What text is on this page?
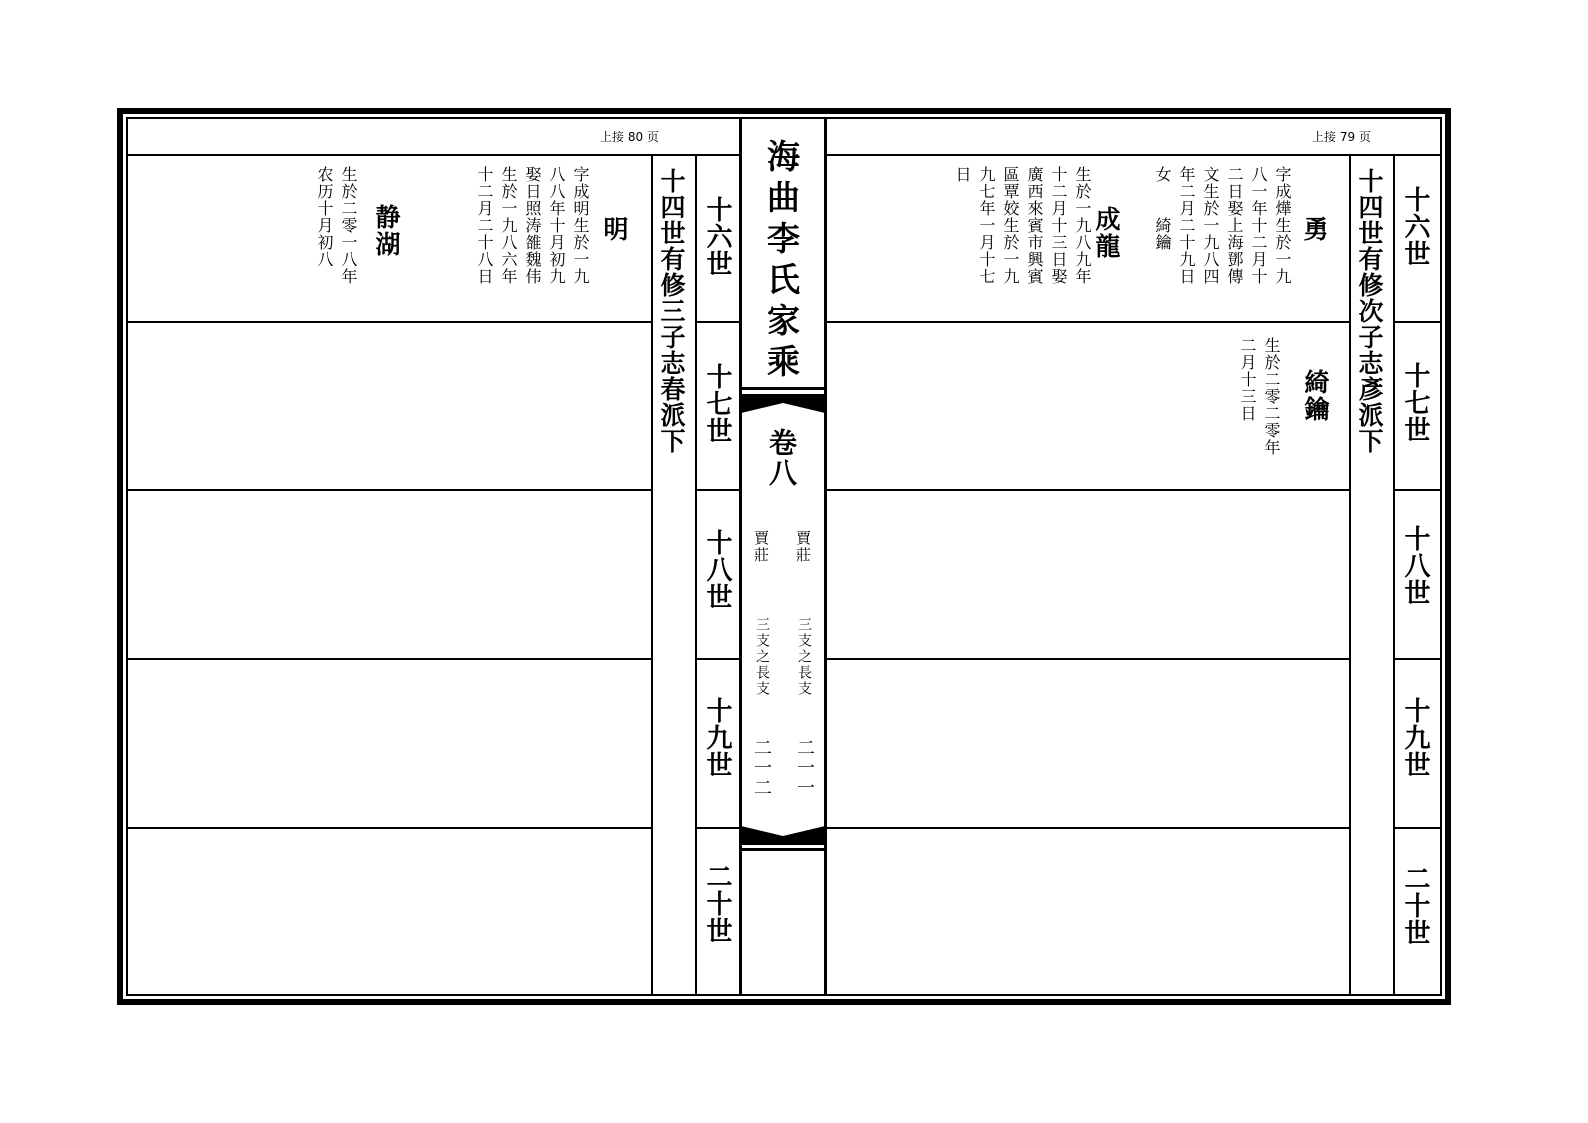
上接 80 页	上接 79 页
海曲李氏家乘
卷八
賈莊
賈莊
三支之長支
三支之長支
二一一
二一二
十四世有修三子志春派下 十六世
十七世
十八世
十九世
二十世
十四世有修次子志彥派下 十六世
十七世
十八世
十九世
二十世
勇
字成燁生於一九
八一年十二月十
二日娶上海鄧傳
文生於一九八四
年二月二十九日
女　　綺鑰
成龍
生於一九八九年
十二月十三日娶
廣西來賓市興賓
區覃姣生於一九
九七年一月十七
日
綺鑰
生於二零二零年
二月十三日
明
字成明生於一九
八八年十月初九
娶日照涛雒魏伟
生於一九八六年
十二月二十八日
静湖
生於二零一八年
农历十月初八
